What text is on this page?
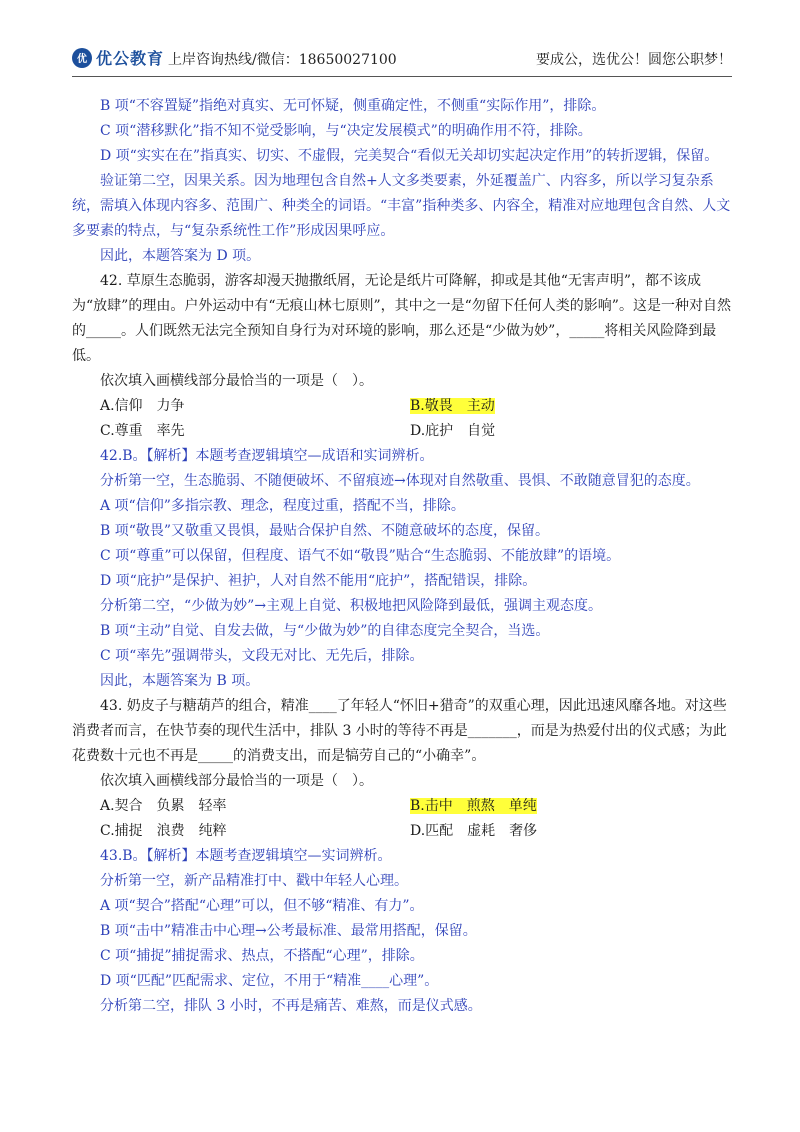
优 优公教育 上岸咨询热线/微信：18650027100	要成公，选优公！圆您公职梦！

B 项“不容置疑”指绝对真实、无可怀疑，侧重确定性，不侧重“实际作用”，排除。

C 项“潜移默化”指不知不觉受影响，与“决定发展模式”的明确作用不符，排除。

D 项“实实在在”指真实、切实、不虚假，完美契合“看似无关却切实起决定作用”的转折逻辑，保留。

验证第二空，因果关系。因为地理包含自然+人文多类要素，外延覆盖广、内容多，所以学习复杂系统，需填入体现内容多、范围广、种类全的词语。“丰富”指种类多、内容全，精准对应地理包含自然、人文多要素的特点，与“复杂系统性工作”形成因果呼应。

因此，本题答案为 D 项。

42. 草原生态脆弱，游客却漫天抛撒纸屑，无论是纸片可降解，抑或是其他“无害声明”，都不该成为“放肆”的理由。户外运动中有“无痕山林七原则”，其中之一是“勿留下任何人类的影响”。这是一种对自然的_____。人们既然无法完全预知自身行为对环境的影响，那么还是“少做为妙”，_____将相关风险降到最低。

依次填入画横线部分最恰当的一项是（　）。

A.信仰　力争	B.敬畏　主动
C.尊重　率先	D.庇护　自觉

42.B。【解析】本题考查逻辑填空—成语和实词辨析。

分析第一空，生态脆弱、不随便破坏、不留痕迹→体现对自然敬重、畏惧、不敢随意冒犯的态度。

A 项“信仰”多指宗教、理念，程度过重，搭配不当，排除。

B 项“敬畏”又敬重又畏惧，最贴合保护自然、不随意破坏的态度，保留。

C 项“尊重”可以保留，但程度、语气不如“敬畏”贴合“生态脆弱、不能放肆”的语境。

D 项“庇护”是保护、袒护，人对自然不能用“庇护”，搭配错误，排除。

分析第二空，“少做为妙”→主观上自觉、积极地把风险降到最低，强调主观态度。

B 项“主动”自觉、自发去做，与“少做为妙”的自律态度完全契合，当选。

C 项“率先”强调带头，文段无对比、无先后，排除。

因此，本题答案为 B 项。

43. 奶皮子与糖葫芦的组合，精准____了年轻人“怀旧+猎奇”的双重心理，因此迅速风靡各地。对这些消费者而言，在快节奏的现代生活中，排队 3 小时的等待不再是_______，而是为热爱付出的仪式感；为此花费数十元也不再是_____的消费支出，而是犒劳自己的“小确幸”。

依次填入画横线部分最恰当的一项是（　）。

A.契合　负累　轻率	B.击中　煎熬　单纯
C.捕捉　浪费　纯粹	D.匹配　虚耗　奢侈

43.B。【解析】本题考查逻辑填空—实词辨析。

分析第一空，新产品精准打中、戳中年轻人心理。

A 项“契合”搭配“心理”可以，但不够“精准、有力”。

B 项“击中”精准击中心理→公考最标准、最常用搭配，保留。

C 项“捕捉”捕捉需求、热点，不搭配“心理”，排除。

D 项“匹配”匹配需求、定位，不用于“精准____心理”。

分析第二空，排队 3 小时，不再是痛苦、难熬，而是仪式感。
